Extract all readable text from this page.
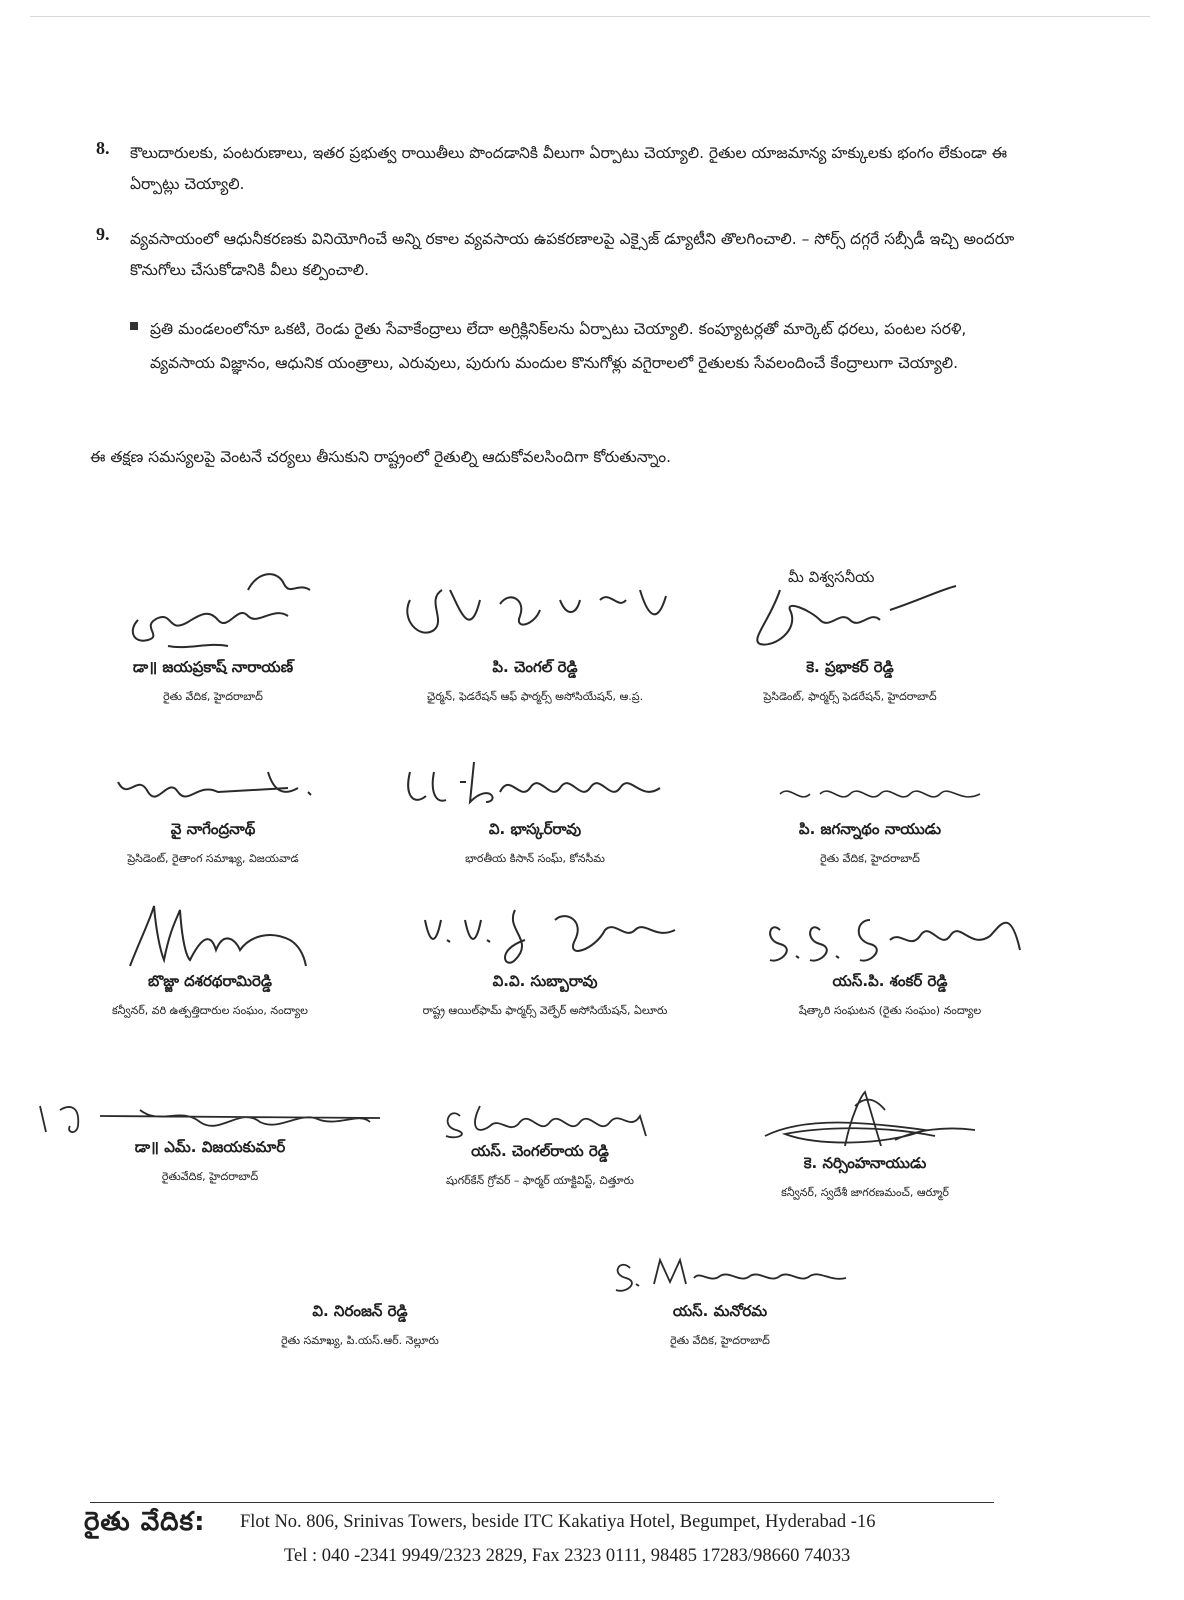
8. కౌలుదారులకు, పంటరుణాలు, ఇతర ప్రభుత్వ రాయితీలు పొందడానికి వీలుగా ఏర్పాటు చెయ్యాలి. రైతుల యాజమాన్య హక్కులకు భంగం లేకుండా ఈ ఏర్పాట్లు చెయ్యాలి.
9. వ్యవసాయంలో ఆధునీకరణకు వినియోగించే అన్ని రకాల వ్యవసాయ ఉపకరణాలపై ఎక్సైజ్ డ్యూటీని తొలగించాలి. – సోర్స్ దగ్గరే సబ్సీడీ ఇచ్చి అందరూ కొనుగోలు చేసుకోడానికి వీలు కల్పించాలి.
ప్రతి మండలంలోనూ ఒకటి, రెండు రైతు సేవాకేంద్రాలు లేదా అగ్రిక్లినిక్‌లను ఏర్పాటు చెయ్యాలి. కంప్యూటర్లతో మార్కెట్ ధరలు, పంటల సరళి, వ్యవసాయ విజ్ఞానం, ఆధునిక యంత్రాలు, ఎరువులు, పురుగు మందుల కొనుగోళ్లు వగైరాలలో రైతులకు సేవలందించే కేంద్రాలుగా చెయ్యాలి.
ఈ తక్షణ సమస్యలపై వెంటనే చర్యలు తీసుకుని రాష్ట్రంలో రైతుల్ని ఆదుకోవలసిందిగా కోరుతున్నాం.
మీ విశ్వసనీయ
డా॥ జయప్రకాష్ నారాయణ్
రైతు వేదిక, హైదరాబాద్
పి. చెంగల్ రెడ్డి
ఛైర్మన్, ఫెడరేషన్ ఆఫ్ ఫార్మర్స్ అసోసియేషన్, ఆ.ప్ర.
కె. ప్రభాకర్ రెడ్డి
ప్రెసిడెంట్, ఫార్మర్స్ ఫెడరేషన్, హైదరాబాద్
వై నాగేంద్రనాథ్
ప్రెసిడెంట్, రైతాంగ సమాఖ్య, విజయవాడ
వి. భాస్కర్‌రావు
భారతీయ కిసాన్ సంఘ్, కోనసీమ
పి. జగన్నాథం నాయుడు
రైతు వేదిక, హైదరాబాద్
బొజ్జా దశరథరామిరెడ్డి
కన్వీనర్, వరి ఉత్పత్తిదారుల సంఘం, నంద్యాల
వి.వి. సుబ్బారావు
రాష్ట్ర ఆయిల్‌ఫామ్ ఫార్మర్స్ వెల్ఫేర్ అసోసియేషన్, ఏలూరు
యస్.పి. శంకర్ రెడ్డి
షేత్కారి సంఘటన (రైతు సంఘం) నంద్యాల
డా॥ ఎమ్. విజయకుమార్
రైతువేదిక, హైదరాబాద్
యస్. చెంగల్‌రాయ రెడ్డి
షుగర్‌కేన్ గ్రోవర్ – ఫార్మర్ యాక్టివిస్ట్, చిత్తూరు
కె. నర్సింహనాయుడు
కన్వీనర్, స్వదేశీ జాగరణమంచ్, ఆర్మూర్
వి. నిరంజన్ రెడ్డి
రైతు సమాఖ్య, పి.యస్.ఆర్. నెల్లూరు
యస్. మనోరమ
రైతు వేదిక, హైదరాబాద్
రైతు వేదిక: Flot No. 806, Srinivas Towers, beside ITC Kakatiya Hotel, Begumpet, Hyderabad -16
Tel : 040 -2341 9949/2323 2829, Fax 2323 0111, 98485 17283/98660 74033
